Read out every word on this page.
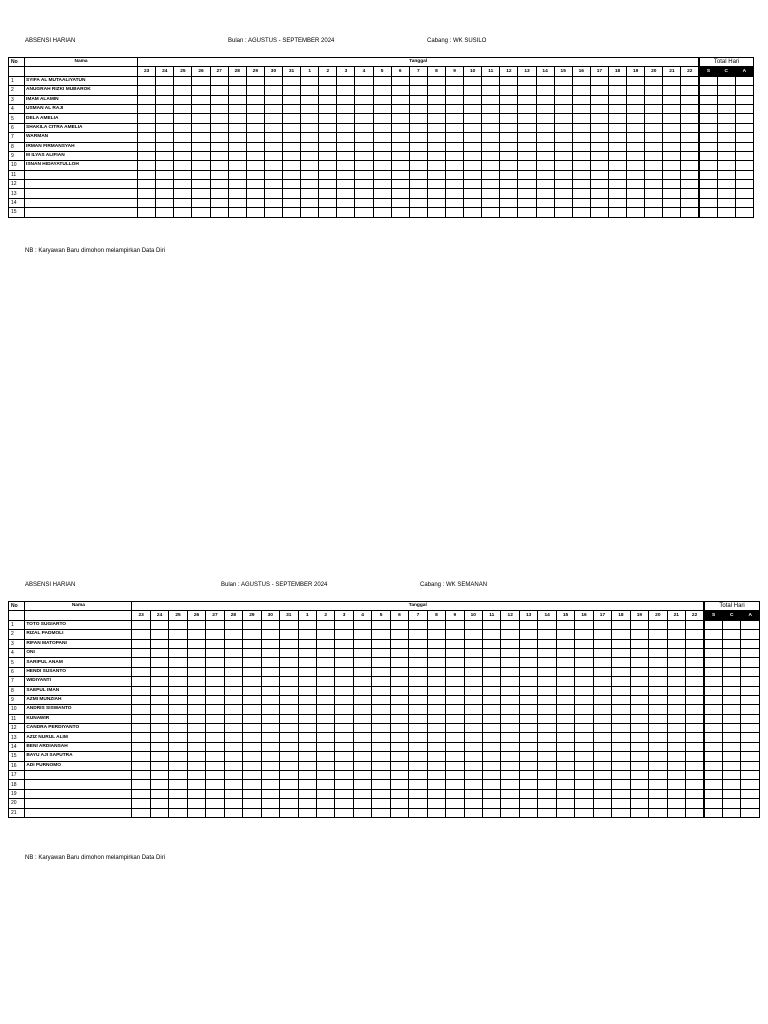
ABSENSI HARIAN	Bulan : AGUSTUS - SEPTEMBER 2024	Cabang : WK SUSILO
No	Nama	Tanggal																															Total Hari		
		23	24	25	26	27	28	29	30	31	1	2	3	4	5	6	7	8	9	10	11	12	13	14	15	16	17	18	19	20	21	22	S	C	A
1	SYIFA AL MUTAALIYATUN																																		
2	ANUGRAH RIZKI MUBAROK																																		
3	IMAM ALAMIN																																		
4	USMAN AL RAJI																																		
5	DELA AMELIA																																		
6	SHAKILA CITRA AMELIA																																		
7	WARMAN																																		
8	IRMAN FIRMANSYAH																																		
9	M ILYAS ALIFIAN																																		
10	ISNAN HIDAYATULLOH																																		
11																																			
12																																			
13																																			
14																																			
15																																			
NB : Karyawan Baru dimohon melampirkan Data Diri
ABSENSI HARIAN	Bulan : AGUSTUS - SEPTEMBER 2024	Cabang : WK SEMANAN
No	Nama	Tanggal																															Total Hari		
		23	24	25	26	27	28	29	30	31	1	2	3	4	5	6	7	8	9	10	11	12	13	14	15	16	17	18	19	20	21	22	S	C	A
1	TOTO SUGIARTO																																		
2	RIZAL PADMOLI																																		
3	RIFAN MATOPANI																																		
4	ONI																																		
5	SARIPUL ANAM																																		
6	HENDI SUSANTO																																		
7	WIDIYANTI																																		
8	SAEPUL IMAN																																		
9	AZMI MUNZIAH																																		
10	ANDRIS SISWANTO																																		
11	KUNAWIR																																		
12	CANDRA PERDIYANTO																																		
13	AZIZ NURUL ALIM																																		
14	BENI ARDIANSAH																																		
15	BAYU AJI SAPUTRA																																		
16	ADI PURNOMO																																		
17																																			
18																																			
19																																			
20																																			
21																																			
NB : Karyawan Baru dimohon melampirkan Data Diri
